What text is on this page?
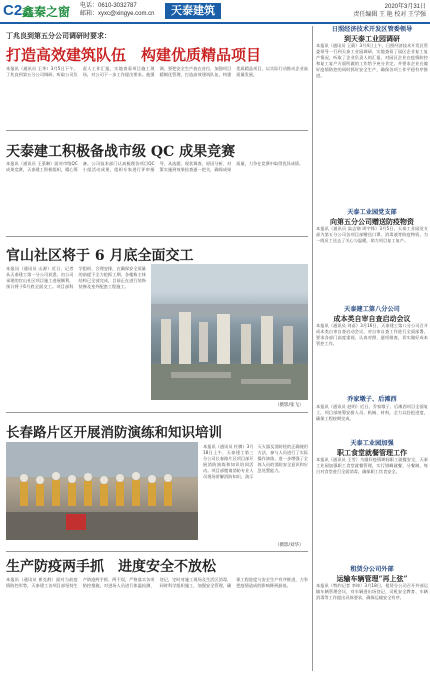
C2 鑫秦之窗 电话：0610-3032787
邮箱：xyxc@xingye.com.cn	天泰建筑	2020年3月31日
责任编辑 王 艳 校对 王学强
丁兆良到第五分公司调研时要求：
打造高效建筑队伍　构建优质精品项目
本报讯（通讯员 王华）3月5日下午，丁兆良到第五分公司调研，听取公司负责人工作汇报，实地查看项目施工现场，对公司下一步工作提出要求。他强调，要把安全生产放在首位，加强项目精细化管理，打造高效建筑队伍，构建优质精品项目，以实际行动推动企业高质量发展。
天泰建工积极备战市级 QC 成果竞赛
本报讯（通讯员 王莱琳）面对市级QC成果竞赛，天泰建工积极组织，精心筹备。公司技术部门认真梳理各项目QC小组活动成果，组织专家进行评审指导，从选题、现状调查、原因分析、对策实施到效果检查逐一把关，确保成果质量，力争在竞赛中取得优异成绩。
官山社区将于 6 月底全面交工
本报讯（通讯员 山源）近日，记者从天泰建工第一分公司获悉，由公司承建的官山社区项目施工进展顺利，预计将于6月底全面交工。项目部科学组织、合理安排，在确保安全质量的前提下全力抢抓工期，各楼栋主体结构已全部完成，目前正在进行装饰装修及室外配套工程施工。
（摄影/张飞）
长春路片区开展消防演练和知识培训
本报讯（通讯员 杜腾）3月18日上午，天泰建工第三分公司长春路片区项目部开展消防演练和知识培训活动。项目部邀请消防专业人员现场讲解消防知识，演示灭火器及消防栓的正确使用方法，参与人员进行了实际操作演练，进一步增强了全体人员的消防安全意识和应急处置能力。
（摄影/刘华）
生产防疫两手抓　进度安全不放松
本报讯（通讯员 崔克群）面对当前疫情防控形势，天泰建工各项目部坚持生产防疫两手抓、两不误，严格落实各项防控措施，对进场人员进行体温检测、登记，定时对施工现场及生活区消毒，同时科学组织施工，加强安全管理，确保工程进度与安全生产有序推进，力争把疫情造成的影响降到最低。
日照经济技术开发区管委领导
到天泰工业园调研
本报讯（通讯员 王葳）3月4日上午，日照经济技术开发区管委领导一行到天泰工业园调研，实地查看了园区企业复工复产情况，听取了企业负责人的汇报，对园区企业在疫情防控和复工复产方面所做的工作给予充分肯定，并要求企业在做好疫情防控的同时抓好安全生产，确保各项工作平稳有序推进。
天泰工业园党支部
向第五分公司赠送防疫物资
本报讯（通讯员 高志钢 周宇锋）3月5日，天泰工业园党支部为第五分公司各项目部赠送口罩、消毒液等防疫物资，为一线员工送去了关心与温暖，助力项目复工复产。
天泰建工第八分公司
成本类自审自查启动会议
本报讯（通讯员 刘苗）3月16日，天泰建工第八分公司召开成本类自审自查启动会议，对自审自查工作进行全面部署，要求各部门高度重视、认真对照、逐项排查，切实做好成本管控工作。
乔家墩子、后滩西
本报讯（通讯员 赵明）近日，乔家墩子、后滩西项目全面复工，项目部统筹安排人员、机械、材料，全力以赴抢进度，确保工程按期完成。
天泰工业园加强
职工食堂就餐管理工作
本报讯（通讯员 王雪）为做好疫情期间职工就餐安全，天泰工业园加强职工食堂就餐管理，实行错峰就餐、分餐制，每日对食堂进行全面消毒，确保职工饮食安全。
租赁分公司外部
运输车辆管理“再上弦”
本报讯（特约记者 李坤）3月18日，租赁分公司召开外部运输车辆管理会议，对车辆进出场登记、司机安全教育、车辆消毒等工作提出具体要求，确保运输安全有序。
